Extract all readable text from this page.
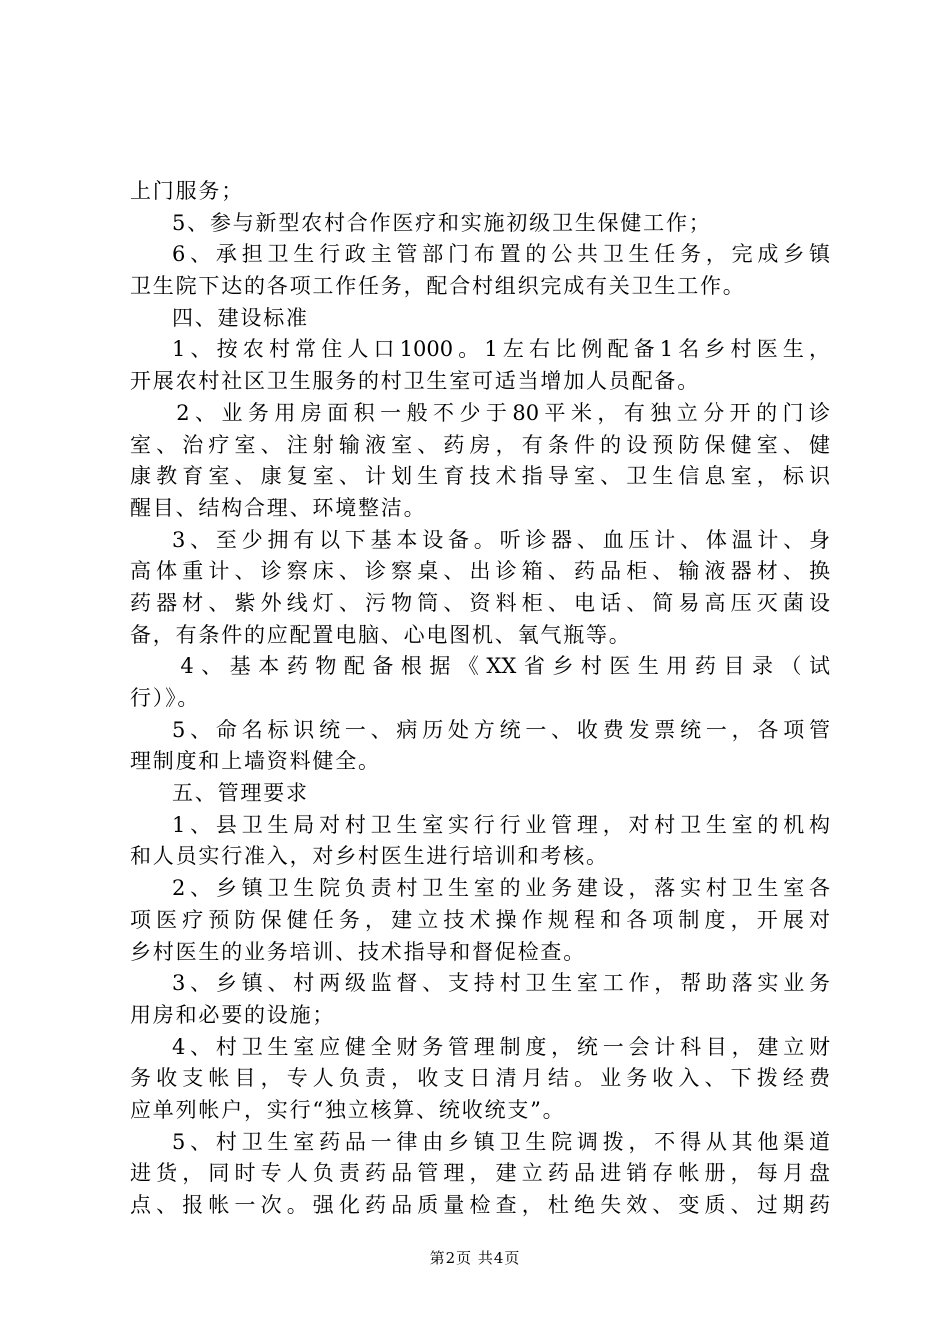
上门服务；
5、参与新型农村合作医疗和实施初级卫生保健工作；
6、承担卫生行政主管部门布置的公共卫生任务，完成乡镇
卫生院下达的各项工作任务，配合村组织完成有关卫生工作。
四、建设标准
1、按农村常住人口1000。1左右比例配备1名乡村医生，
开展农村社区卫生服务的村卫生室可适当增加人员配备。
2、业务用房面积一般不少于80平米，有独立分开的门诊
室、治疗室、注射输液室、药房，有条件的设预防保健室、健
康教育室、康复室、计划生育技术指导室、卫生信息室，标识
醒目、结构合理、环境整洁。
3、至少拥有以下基本设备。听诊器、血压计、体温计、身
高体重计、诊察床、诊察桌、出诊箱、药品柜、输液器材、换
药器材、紫外线灯、污物筒、资料柜、电话、简易高压灭菌设
备，有条件的应配置电脑、心电图机、氧气瓶等。
4、基本药物配备根据《XX省乡村医生用药目录（试
行）》。
5、命名标识统一、病历处方统一、收费发票统一，各项管
理制度和上墙资料健全。
五、管理要求
1、县卫生局对村卫生室实行行业管理，对村卫生室的机构
和人员实行准入，对乡村医生进行培训和考核。
2、乡镇卫生院负责村卫生室的业务建设，落实村卫生室各
项医疗预防保健任务，建立技术操作规程和各项制度，开展对
乡村医生的业务培训、技术指导和督促检查。
3、乡镇、村两级监督、支持村卫生室工作，帮助落实业务
用房和必要的设施；
4、村卫生室应健全财务管理制度，统一会计科目，建立财
务收支帐目，专人负责，收支日清月结。业务收入、下拨经费
应单列帐户，实行“独立核算、统收统支”。
5、村卫生室药品一律由乡镇卫生院调拨，不得从其他渠道
进货，同时专人负责药品管理，建立药品进销存帐册，每月盘
点、报帐一次。强化药品质量检查，杜绝失效、变质、过期药
第2页 共4页
